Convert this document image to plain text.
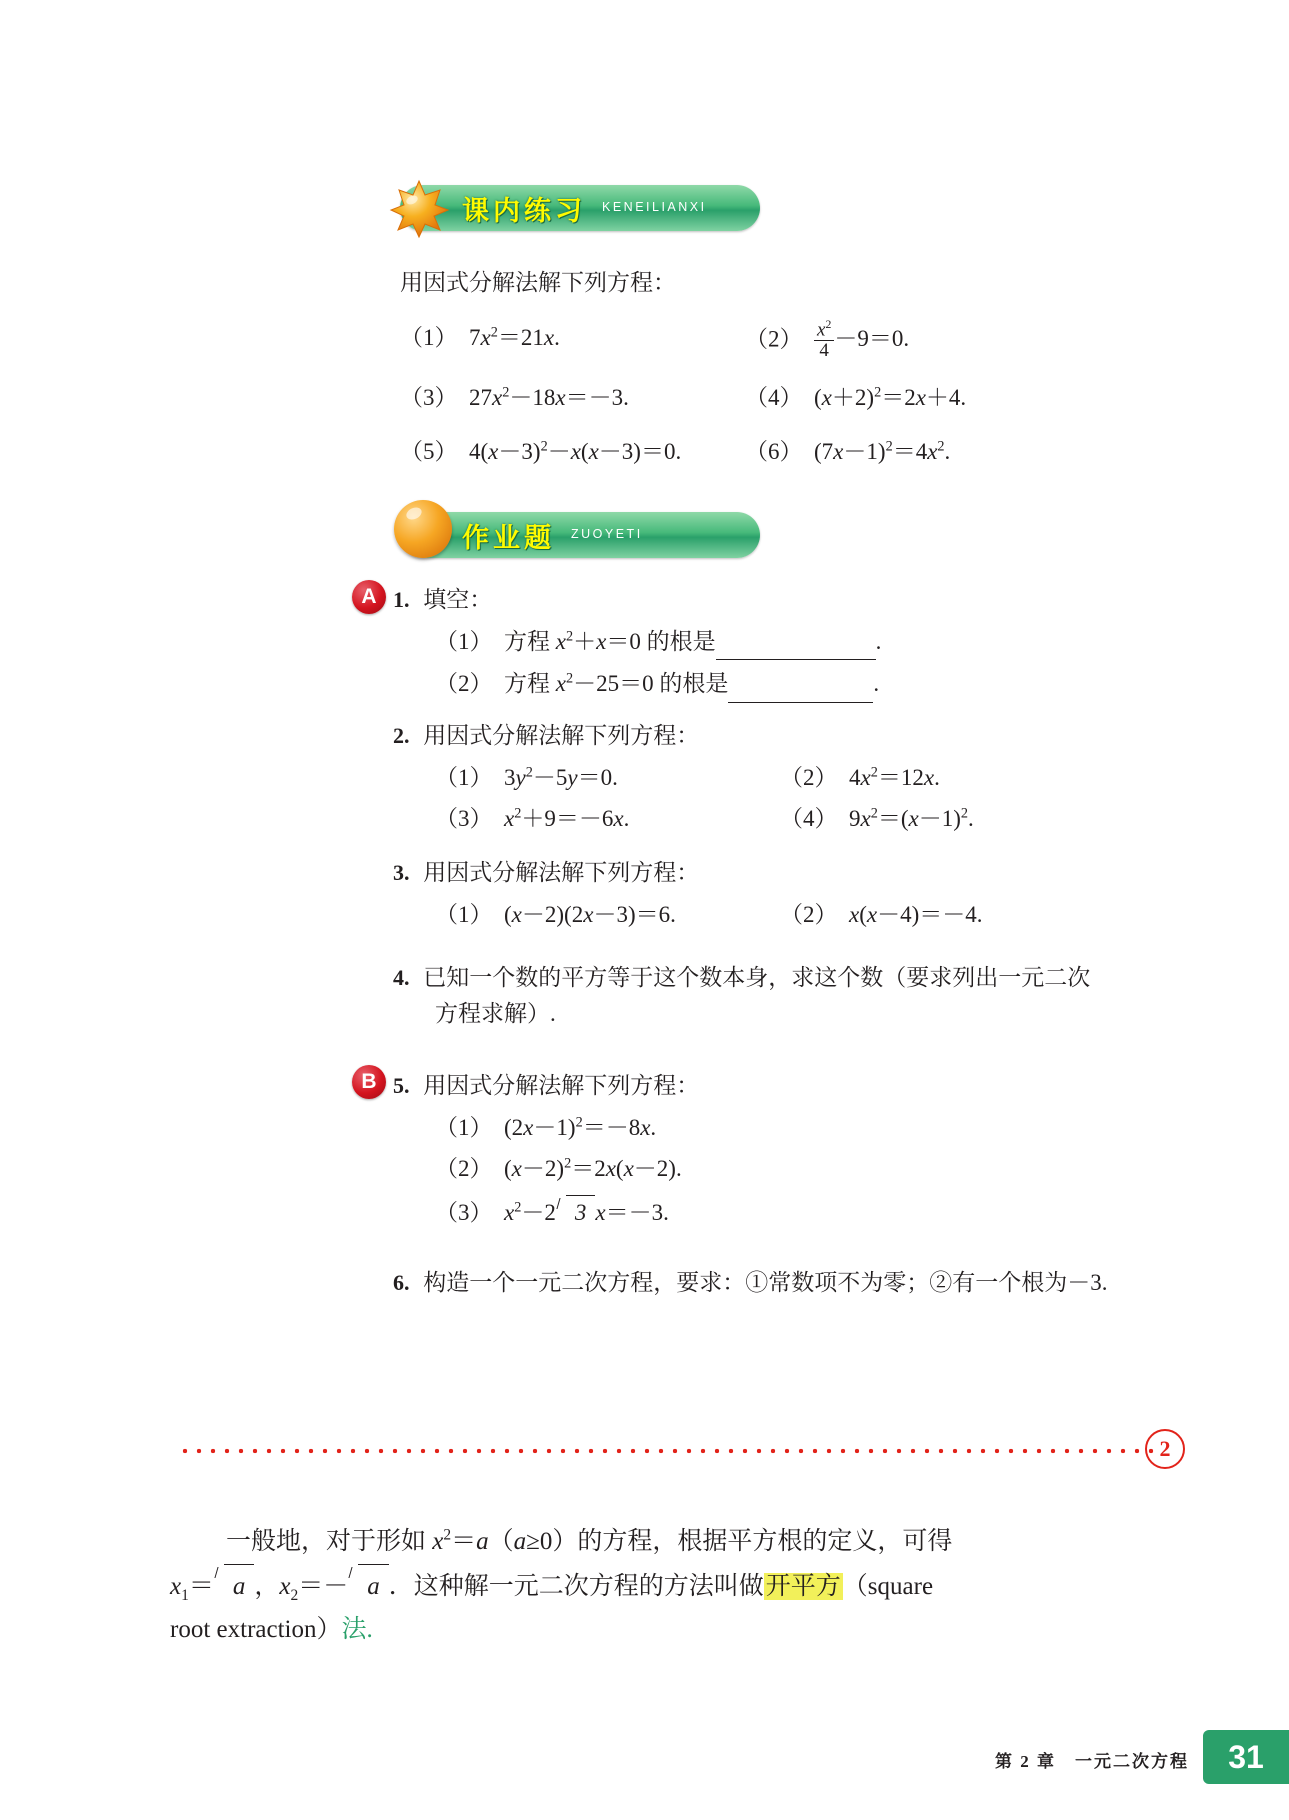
课内练习 KENEILIANXI
用因式分解法解下列方程：
（1）  $7x^2=21x$.	$(2) \frac{x^2}{4} -9=0$.
（3）  $27x^2-18x=-3$.	（4）  $(x+2)^2=2x+4$.
（5）  $4(x-3)^2-x(x-3)=0$.	（6）  $(7x-1)^2=4x^2$.
作业题 ZUOYETI
A
B
1. 填空：
（1）  方程 $x^2+x=0$ 的根是	.
（2）  方程 $x^2-25=0$ 的根是	.
2. 用因式分解法解下列方程：
（1）  $3y^2-5y=0$.	（2）  $4x^2=12x$.
（3） $x^2+9=-6x$.	（4）  $9x^2=(x-1)^2$.
3. 用因式分解法解下列方程：
（1）  (x－2)(2x－3)＝6.	（2） x(x－4)＝－4.
4. 已知一个数的平方等于这个数本身，求这个数（要求列出一元二次
方程求解）.
5. 用因式分解法解下列方程：
（1）  $(2x-1)^2=-8x$.
（2）  $(x-2)^2=2x(x-2)$.
（3） $x^2-2$ 3 x＝－3.
6. 构造一个一元二次方程，要求：①常数项不为零；②有一个根为－3.
2
一般地，对于形如 $x^2=a(a\ge 0)$的方程，根据平方根的定义，可得
$x_1= a$ ，$x_2=- a$ ．这种解一元二次方程的方法叫做开平方（square
root extraction）法.
第 2 章　一元二次方程 31
